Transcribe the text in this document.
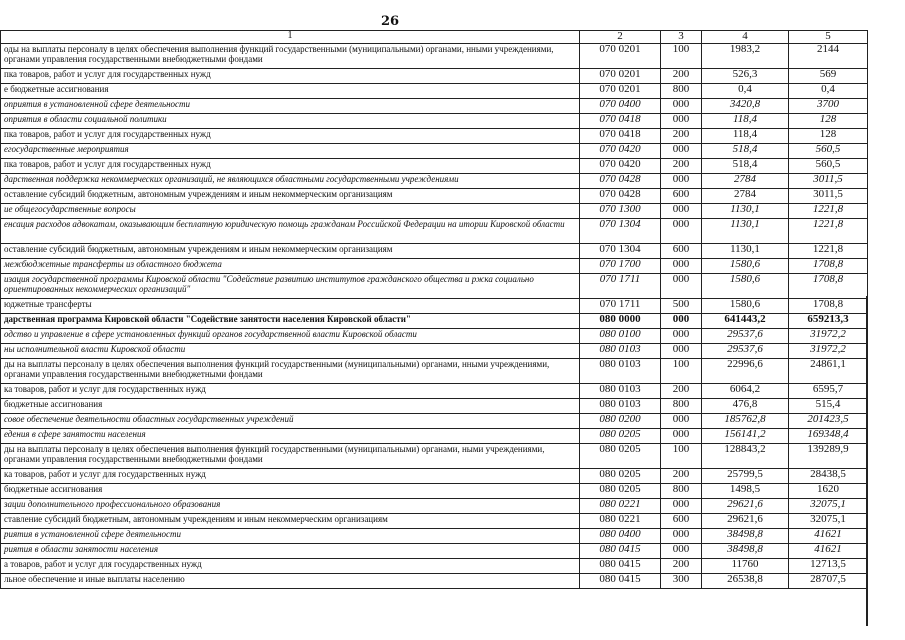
26
1	2	3	4	5
оды на выплаты персоналу в целях обеспечения выполнения функций государственными (муниципальными) органами, нными учреждениями, органами управления государственными внебюджетными фондами	070 0201	100	1983,2	2144
пка товаров, работ и услуг для государственных нужд	070 0201	200	526,3	569
е бюджетные ассигнования	070 0201	800	0,4	0,4
оприятия в установленной сфере деятельности	070 0400	000	3420,8	3700
оприятия в области социальной политики	070 0418	000	118,4	128
пка товаров, работ и услуг для государственных нужд	070 0418	200	118,4	128
егосударственные мероприятия	070 0420	000	518,4	560,5
пка товаров, работ и услуг для государственных нужд	070 0420	200	518,4	560,5
дарственная поддержка некоммерческих организаций, не являющихся областными государственными учреждениями	070 0428	000	2784	3011,5
оставление субсидий бюджетным, автономным учреждениям и иным некоммерческим организациям	070 0428	600	2784	3011,5
ие общегосударственные вопросы	070 1300	000	1130,1	1221,8
енсация расходов адвокатам, оказывающим бесплатную юридическую помощь гражданам Российской Федерации на итории Кировской области	070 1304	000	1130,1	1221,8
оставление субсидий бюджетным, автономным учреждениям и иным некоммерческим организациям	070 1304	600	1130,1	1221,8
межбюджетные трансферты из областного бюджета	070 1700	000	1580,6	1708,8
изация государственной программы Кировской области "Содействие развитию институтов гражданского общества и ржка социально ориентированных некоммерческих организаций"	070 1711	000	1580,6	1708,8
юджетные трансферты	070 1711	500	1580,6	1708,8
дарственная программа Кировской области "Содействие занятости населения Кировской области"	080 0000	000	641443,2	659213,3
одство и управление в сфере установленных функций органов государственной власти Кировской области	080 0100	000	29537,6	31972,2
ны исполнительной власти Кировской области	080 0103	000	29537,6	31972,2
ды на выплаты персоналу в целях обеспечения выполнения функций государственными (муниципальными) органами, нными учреждениями, органами управления государственными внебюджетными фондами	080 0103	100	22996,6	24861,1
ка товаров, работ и услуг для государственных нужд	080 0103	200	6064,2	6595,7
бюджетные ассигнования	080 0103	800	476,8	515,4
совое обеспечение деятельности областных государственных учреждений	080 0200	000	185762,8	201423,5
едения в сфере занятости населения	080 0205	000	156141,2	169348,4
ды на выплаты персоналу в целях обеспечения выполнения функций государственными (муниципальными) органами, ными учреждениями, органами управления государственными внебюджетными фондами	080 0205	100	128843,2	139289,9
ка товаров, работ и услуг для государственных нужд	080 0205	200	25799,5	28438,5
бюджетные ассигнования	080 0205	800	1498,5	1620
зации дополнительного профессионального образования	080 0221	000	29621,6	32075,1
ставление субсидий бюджетным, автономным учреждениям и иным некоммерческим организациям	080 0221	600	29621,6	32075,1
риятия в установленной сфере деятельности	080 0400	000	38498,8	41621
риятия в области занятости населения	080 0415	000	38498,8	41621
а товаров, работ и услуг для государственных нужд	080 0415	200	11760	12713,5
льное обеспечение и иные выплаты населению	080 0415	300	26538,8	28707,5
